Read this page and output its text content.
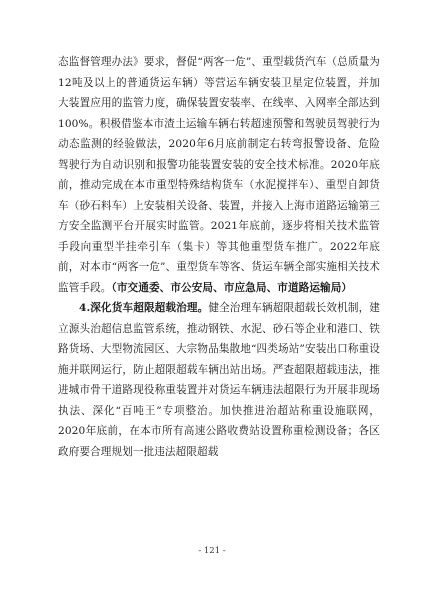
态监督管理办法》要求，督促“两客一危”、重型载货汽车（总质量为12吨及以上的普通货运车辆）等营运车辆安装卫星定位装置，并加大装置应用的监管力度，确保装置安装率、在线率、入网率全部达到100%。积极借鉴本市渣土运输车辆右转超速预警和驾驶员驾驶行为动态监测的经验做法，2020年6月底前制定右转弯报警设备、危险驾驶行为自动识别和报警功能装置安装的安全技术标准。2020年底前，推动完成在本市重型特殊结构货车（水泥搅拌车）、重型自卸货车（砂石料车）上安装相关设备、装置，并接入上海市道路运输第三方安全监测平台开展实时监管。2021年底前，逐步将相关技术监管手段向重型半挂牵引车（集卡）等其他重型货车推广。2022年底前，对本市“两客一危”、重型货车等客、货运车辆全部实施相关技术监管手段。（市交通委、市公安局、市应急局、市道路运输局）

4.深化货车超限超载治理。健全治理车辆超限超载长效机制，建立源头治超信息监管系统，推动钢铁、水泥、砂石等企业和港口、铁路货场、大型物流园区、大宗物品集散地“四类场站”安装出口称重设施并联网运行，防止超限超载车辆出站出场。严查超限超载违法，推进城市骨干道路现役称重装置并对货运车辆违法超限行为开展非现场执法、深化“百吨王”专项整治。加快推进治超站称重设施联网，2020年底前，在本市所有高速公路收费站设置称重检测设备；各区政府要合理规划一批违法超限超载

- 121 -
